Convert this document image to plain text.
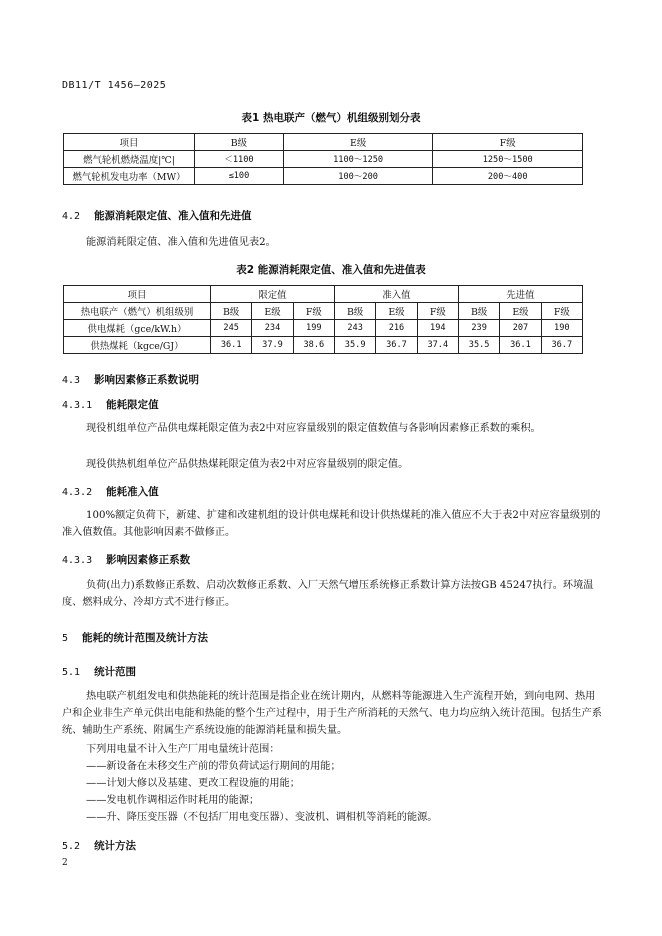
DB11/T 1456—2025
表1 热电联产（燃气）机组级别划分表
项目	B级	E级	F级
燃气轮机燃烧温度|℃|	＜1100	1100～1250	1250～1500
燃气轮机发电功率（MW）	≤100	100～200	200～400
4.2 能源消耗限定值、准入值和先进值
能源消耗限定值、准入值和先进值见表2。
表2 能源消耗限定值、准入值和先进值表
项目	限定值			准入值			先进值		
热电联产（燃气）机组级别	B级	E级	F级	B级	E级	F级	B级	E级	F级
供电煤耗（gce/kW.h）	245	234	199	243	216	194	239	207	190
供热煤耗（kgce/GJ）	36.1	37.9	38.6	35.9	36.7	37.4	35.5	36.1	36.7
4.3 影响因素修正系数说明
4.3.1 能耗限定值
现役机组单位产品供电煤耗限定值为表2中对应容量级别的限定值数值与各影响因素修正系数的乘积。
现役供热机组单位产品供热煤耗限定值为表2中对应容量级别的限定值。
4.3.2 能耗准入值
100%额定负荷下，新建、扩建和改建机组的设计供电煤耗和设计供热煤耗的准入值应不大于表2中对应容量级别的准入值数值。其他影响因素不做修正。
4.3.3 影响因素修正系数
负荷(出力)系数修正系数、启动次数修正系数、入厂天然气增压系统修正系数计算方法按GB 45247执行。环境温度、燃料成分、冷却方式不进行修正。
5 能耗的统计范围及统计方法
5.1 统计范围
热电联产机组发电和供热能耗的统计范围是指企业在统计期内，从燃料等能源进入生产流程开始，到向电网、热用户和企业非生产单元供出电能和热能的整个生产过程中，用于生产所消耗的天然气、电力均应纳入统计范围。包括生产系统、辅助生产系统、附属生产系统设施的能源消耗量和损失量。
下列用电量不计入生产厂用电量统计范围：
——新设备在未移交生产前的带负荷试运行期间的用能；
——计划大修以及基建、更改工程设施的用能；
——发电机作调相运作时耗用的能源；
——升、降压变压器（不包括厂用电变压器）、变波机、调相机等消耗的能源。
5.2 统计方法
2
